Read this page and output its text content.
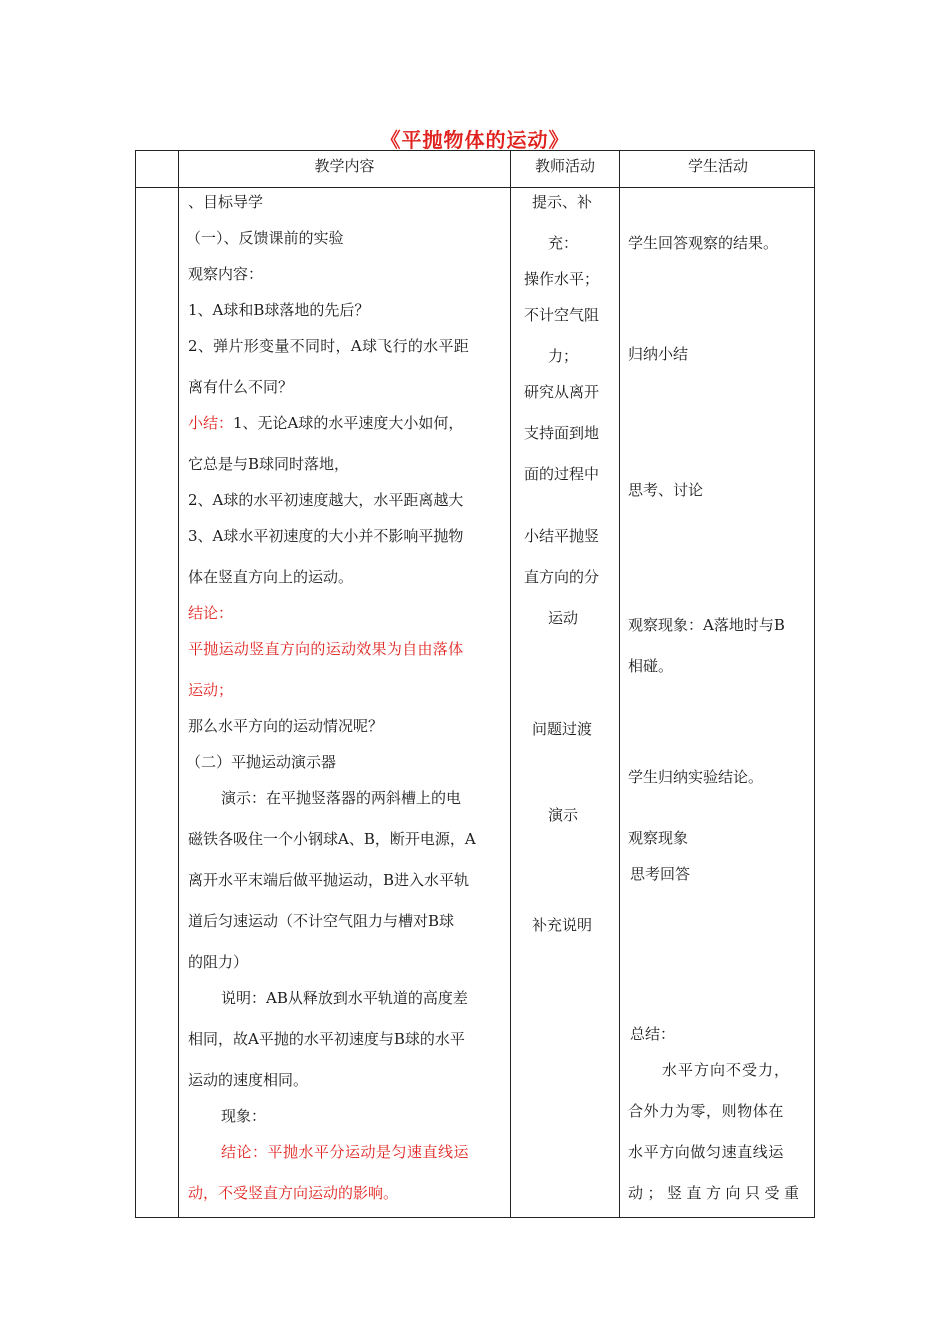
《平抛物体的运动》
教学内容	教师活动	学生活动
、目标导学
（一）、反馈课前的实验
观察内容：
1、A球和B球落地的先后？
2、弹片形变量不同时，A球飞行的水平距
离有什么不同？
小结：1、无论A球的水平速度大小如何，
它总是与B球同时落地，
2、A球的水平初速度越大，水平距离越大
3、A球水平初速度的大小并不影响平抛物
体在竖直方向上的运动。
结论：
平抛运动竖直方向的运动效果为自由落体
运动；
那么水平方向的运动情况呢？
（二）平抛运动演示器
演示：在平抛竖落器的两斜槽上的电
磁铁各吸住一个小钢球A、B，断开电源，A
离开水平末端后做平抛运动，B进入水平轨
道后匀速运动（不计空气阻力与槽对B球
的阻力）
说明：AB从释放到水平轨道的高度差
相同，故A平抛的水平初速度与B球的水平
运动的速度相同。
现象：
结论：平抛水平分运动是匀速直线运
动，不受竖直方向运动的影响。
提示、补
充：
操作水平；
不计空气阻
力；
研究从离开
支持面到地
面的过程中
小结平抛竖
直方向的分
运动
问题过渡
演示
补充说明
学生回答观察的结果。
归纳小结
思考、讨论
观察现象：A落地时与B
相碰。
学生归纳实验结论。
观察现象
思考回答
总结：
水平方向不受力，
合外力为零，则物体在
水平方向做匀速直线运
动；竖直方向只受重
